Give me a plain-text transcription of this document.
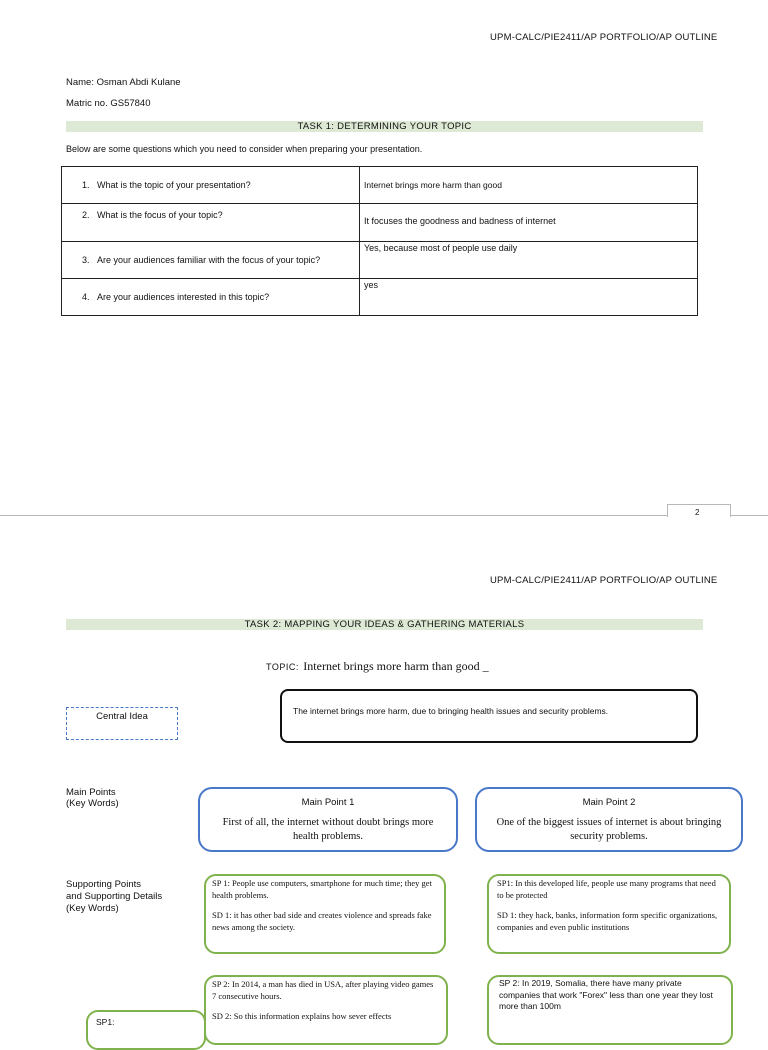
UPM-CALC/PIE2411/AP PORTFOLIO/AP OUTLINE
Name: Osman Abdi Kulane
Matric no. GS57840
TASK 1: DETERMINING YOUR TOPIC
Below are some questions which you need to consider when preparing your presentation.
1. What is the topic of your presentation?	Internet brings more harm than good

2. What is the focus of your topic?	It focuses the goodness and badness of internet

3. Are your audiences familiar with the focus of your topic?	Yes, because most of people use daily

4. Are your audiences interested in this topic?	yes
2
UPM-CALC/PIE2411/AP PORTFOLIO/AP OUTLINE
TASK 2: MAPPING YOUR IDEAS & GATHERING MATERIALS
TOPIC: Internet brings more harm than good _
Central Idea	The internet brings more harm, due to bringing health issues and security problems.
Main Points
(Key Words)	Main Point 1
First of all, the internet without doubt brings more health problems.
Main Point 2
One of the biggest issues of internet is about bringing security problems.
Supporting Points
and Supporting Details
(Key Words)
SP 1: People use computers, smartphone for much time; they get health problems.
SD 1: it has other bad side and creates violence and spreads fake news among the society.
SP1: In this developed life, people use many programs that need to be protected
SD 1: they hack, banks, information form specific organizations, companies and even public institutions
SP 2: In 2014, a man has died in USA, after playing video games 7 consecutive hours.
SD 2: So this information explains how sever effects
SP 2: In 2019, Somalia, there have many private companies that work "Forex" less than one year they lost more than 100m
SP1:
